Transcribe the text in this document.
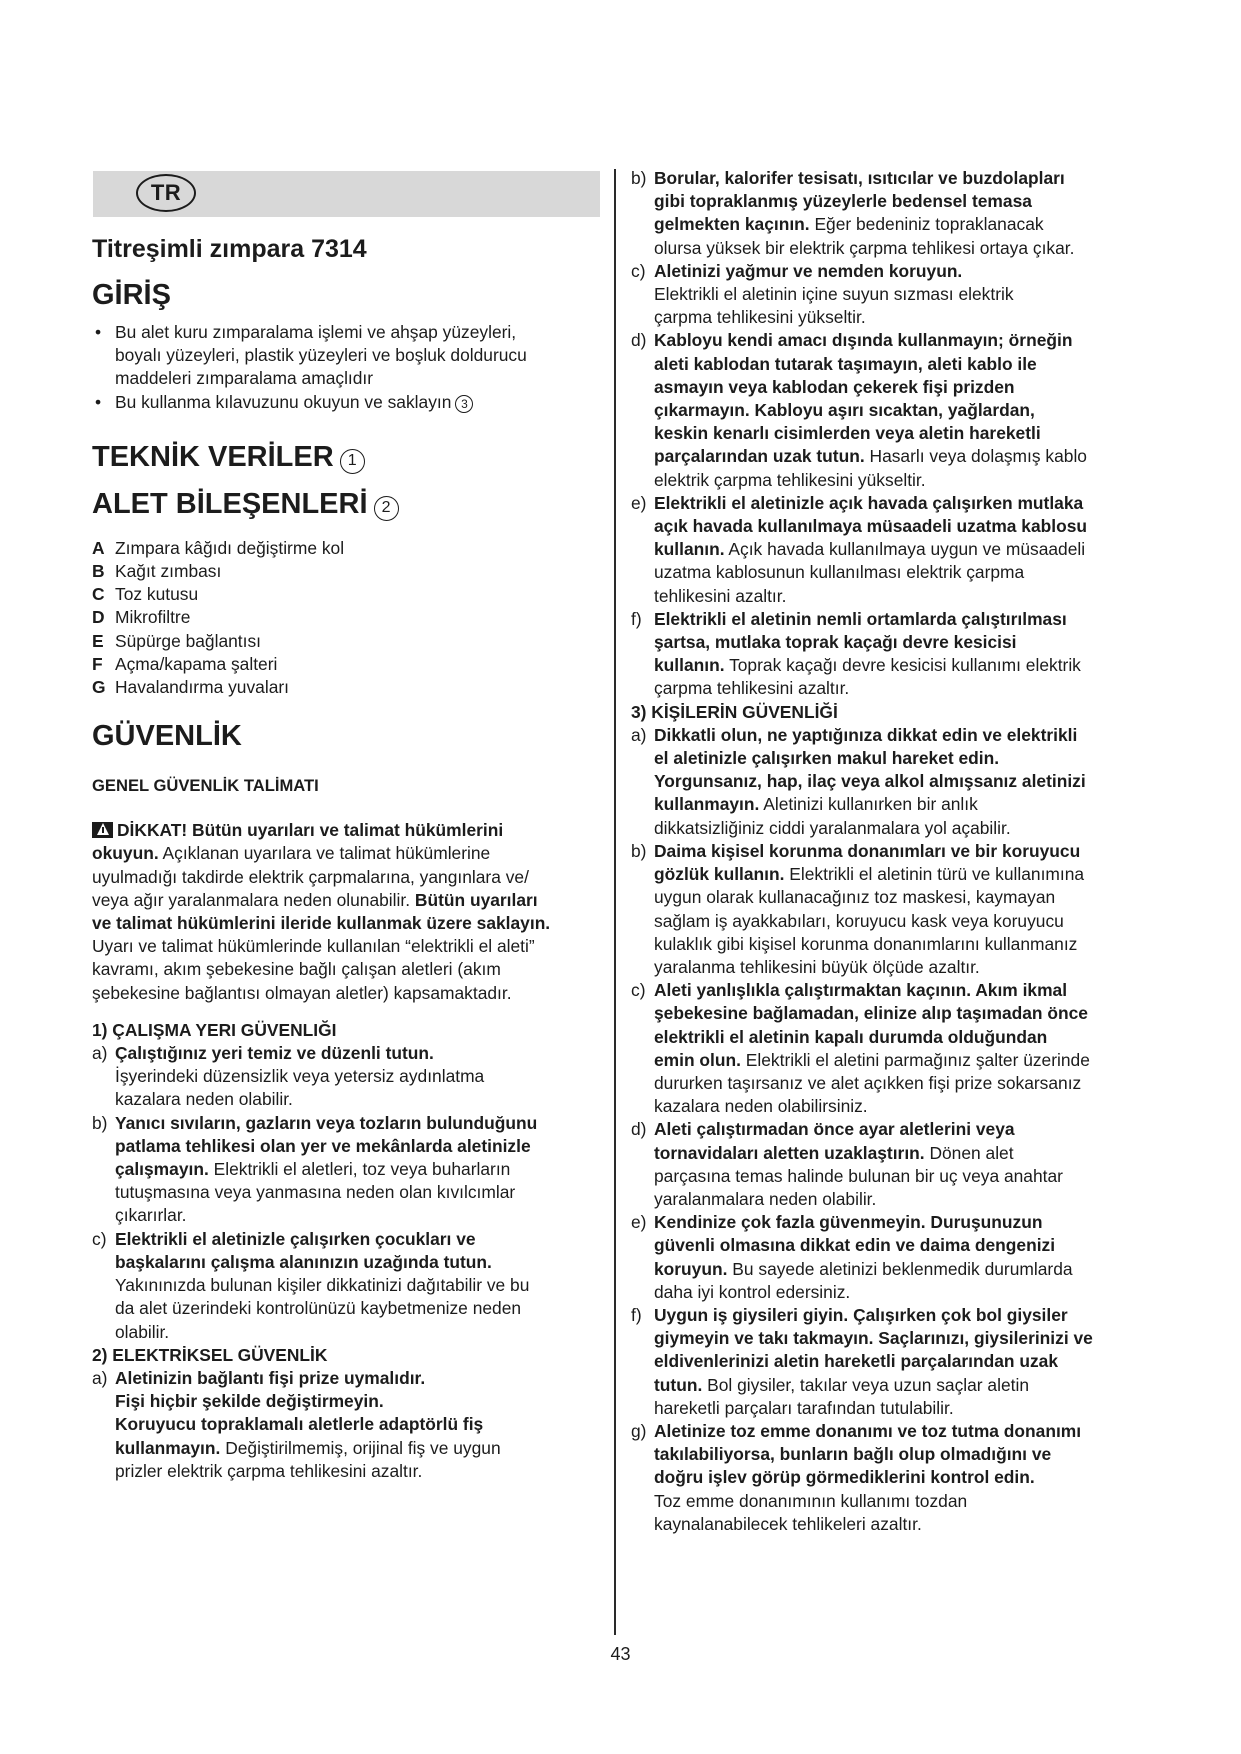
TR
Titreşimli zımpara 7314
GİRİŞ
• Bu alet kuru zımparalama işlemi ve ahşap yüzeyleri,
boyalı yüzeyleri, plastik yüzeyleri ve boşluk doldurucu
maddeleri zımparalama amaçlıdır
• Bu kullanma kılavuzunu okuyun ve saklayın 3
TEKNİK VERİLER 1
ALET BİLEŞENLERİ 2
A Zımpara kâğıdı değiştirme kol
B Kağıt zımbası
C Toz kutusu
D Mikrofiltre
E Süpürge bağlantısı
F Açma/kapama şalteri
G Havalandırma yuvaları
GÜVENLİK
GENEL GÜVENLİK TALİMATI
DİKKAT! Bütün uyarıları ve talimat hükümlerini
okuyun. Açıklanan uyarılara ve talimat hükümlerine
uyulmadığı takdirde elektrik çarpmalarına, yangınlara ve/
veya ağır yaralanmalara neden olunabilir. Bütün uyarıları
ve talimat hükümlerini ileride kullanmak üzere saklayın.
Uyarı ve talimat hükümlerinde kullanılan “elektrikli el aleti”
kavramı, akım şebekesine bağlı çalışan aletleri (akım
şebekesine bağlantısı olmayan aletler) kapsamaktadır.
1) ÇALIŞMA YERI GÜVENLIĞI
a) Çalıştığınız yeri temiz ve düzenli tutun.
İşyerindeki düzensizlik veya yetersiz aydınlatma
kazalara neden olabilir.
b) Yanıcı sıvıların, gazların veya tozların bulunduğunu
patlama tehlikesi olan yer ve mekânlarda aletinizle
çalışmayın. Elektrikli el aletleri, toz veya buharların
tutuşmasına veya yanmasına neden olan kıvılcımlar
çıkarırlar.
c) Elektrikli el aletinizle çalışırken çocukları ve
başkalarını çalışma alanınızın uzağında tutun.
Yakınınızda bulunan kişiler dikkatinizi dağıtabilir ve bu
da alet üzerindeki kontrolünüzü kaybetmenize neden
olabilir.
2) ELEKTRİKSEL GÜVENLİK
a) Aletinizin bağlantı fişi prize uymalıdır.
Fişi hiçbir şekilde değiştirmeyin.
Koruyucu topraklamalı aletlerle adaptörlü fiş
kullanmayın. Değiştirilmemiş, orijinal fiş ve uygun
prizler elektrik çarpma tehlikesini azaltır.
b) Borular, kalorifer tesisatı, ısıtıcılar ve buzdolapları
gibi topraklanmış yüzeylerle bedensel temasa
gelmekten kaçının. Eğer bedeniniz topraklanacak
olursa yüksek bir elektrik çarpma tehlikesi ortaya çıkar.
c) Aletinizi yağmur ve nemden koruyun.
Elektrikli el aletinin içine suyun sızması elektrik
çarpma tehlikesini yükseltir.
d) Kabloyu kendi amacı dışında kullanmayın; örneğin
aleti kablodan tutarak taşımayın, aleti kablo ile
asmayın veya kablodan çekerek fişi prizden
çıkarmayın. Kabloyu aşırı sıcaktan, yağlardan,
keskin kenarlı cisimlerden veya aletin hareketli
parçalarından uzak tutun. Hasarlı veya dolaşmış kablo
elektrik çarpma tehlikesini yükseltir.
e) Elektrikli el aletinizle açık havada çalışırken mutlaka
açık havada kullanılmaya müsaadeli uzatma kablosu
kullanın. Açık havada kullanılmaya uygun ve müsaadeli
uzatma kablosunun kullanılması elektrik çarpma
tehlikesini azaltır.
f) Elektrikli el aletinin nemli ortamlarda çalıştırılması
şartsa, mutlaka toprak kaçağı devre kesicisi
kullanın. Toprak kaçağı devre kesicisi kullanımı elektrik
çarpma tehlikesini azaltır.
3) KİŞİLERİN GÜVENLİĞİ
a) Dikkatli olun, ne yaptığınıza dikkat edin ve elektrikli
el aletinizle çalışırken makul hareket edin.
Yorgunsanız, hap, ilaç veya alkol almışsanız aletinizi
kullanmayın. Aletinizi kullanırken bir anlık
dikkatsizliğiniz ciddi yaralanmalara yol açabilir.
b) Daima kişisel korunma donanımları ve bir koruyucu
gözlük kullanın. Elektrikli el aletinin türü ve kullanımına
uygun olarak kullanacağınız toz maskesi, kaymayan
sağlam iş ayakkabıları, koruyucu kask veya koruyucu
kulaklık gibi kişisel korunma donanımlarını kullanmanız
yaralanma tehlikesini büyük ölçüde azaltır.
c) Aleti yanlışlıkla çalıştırmaktan kaçının. Akım ikmal
şebekesine bağlamadan, elinize alıp taşımadan önce
elektrikli el aletinin kapalı durumda olduğundan
emin olun. Elektrikli el aletini parmağınız şalter üzerinde
dururken taşırsanız ve alet açıkken fişi prize sokarsanız
kazalara neden olabilirsiniz.
d) Aleti çalıştırmadan önce ayar aletlerini veya
tornavidaları aletten uzaklaştırın. Dönen alet
parçasına temas halinde bulunan bir uç veya anahtar
yaralanmalara neden olabilir.
e) Kendinize çok fazla güvenmeyin. Duruşunuzun
güvenli olmasına dikkat edin ve daima dengenizi
koruyun. Bu sayede aletinizi beklenmedik durumlarda
daha iyi kontrol edersiniz.
f) Uygun iş giysileri giyin. Çalışırken çok bol giysiler
giymeyin ve takı takmayın. Saçlarınızı, giysilerinizi ve
eldivenlerinizi aletin hareketli parçalarından uzak
tutun. Bol giysiler, takılar veya uzun saçlar aletin
hareketli parçaları tarafından tutulabilir.
g) Aletinize toz emme donanımı ve toz tutma donanımı
takılabiliyorsa, bunların bağlı olup olmadığını ve
doğru işlev görüp görmediklerini kontrol edin.
Toz emme donanımının kullanımı tozdan
kaynalanabilecek tehlikeleri azaltır.
43
